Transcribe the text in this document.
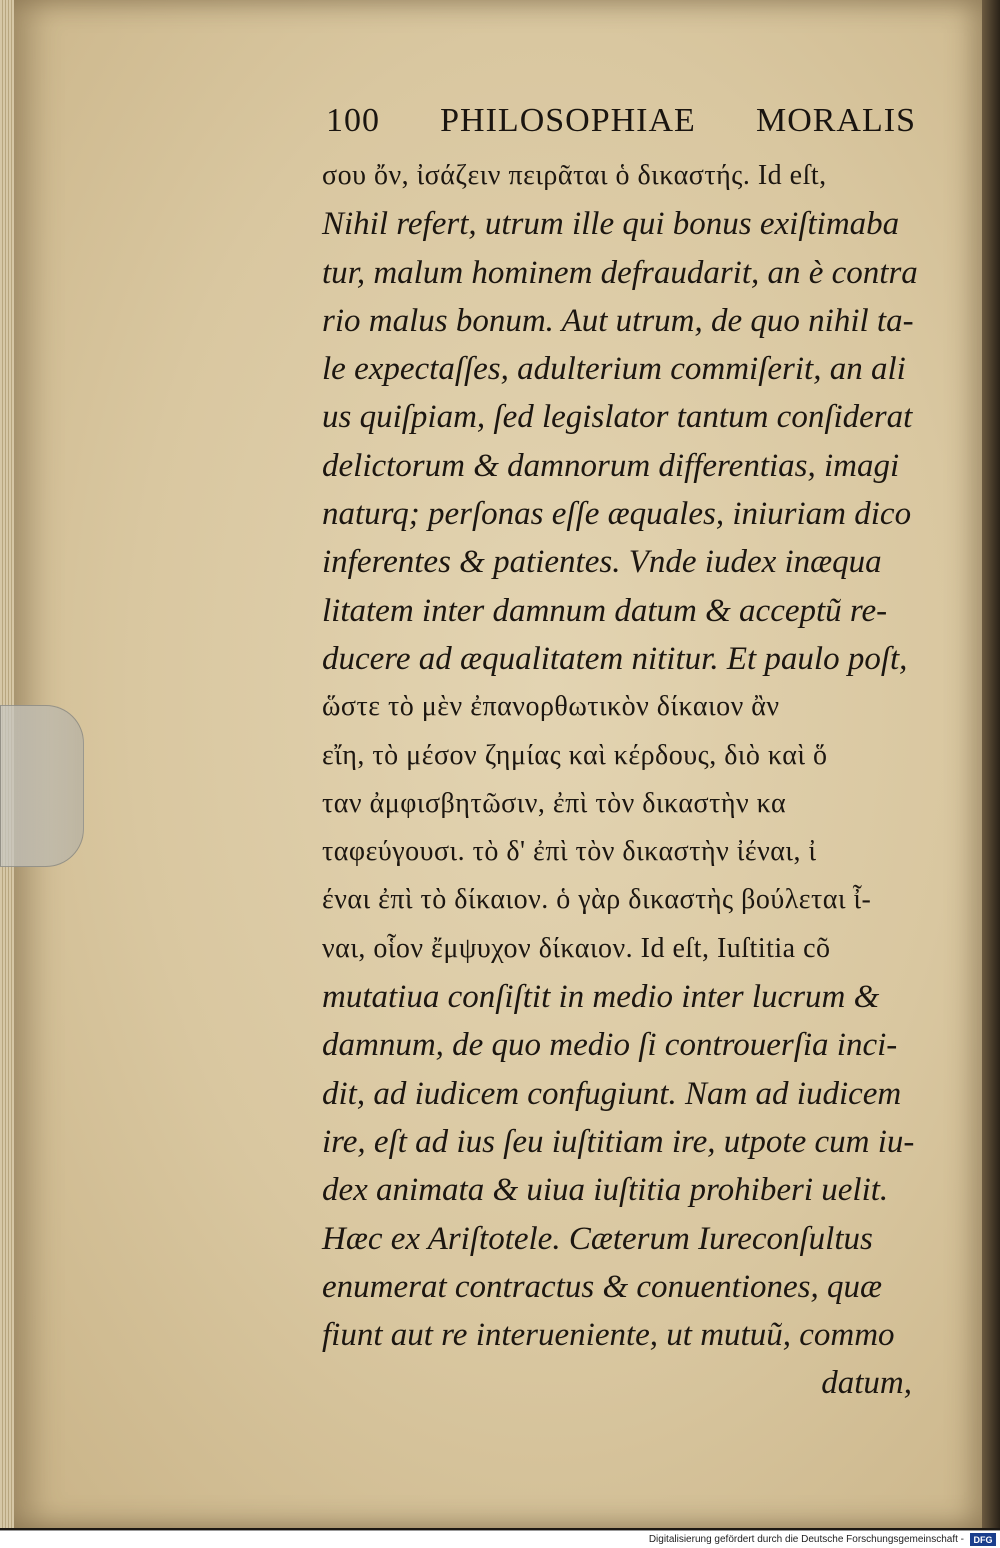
100 PHILOSOPHIAE MORALIS
σου ὄν, ἰσάζειν πειρᾶται ὁ δικαστής. Id eſt,
Nihil refert, utrum ille qui bonus exiſtimaba
tur, malum hominem defraudarit, an è contra
rio malus bonum. Aut utrum, de quo nihil ta-
le expectaſſes, adulterium commiſerit, an ali
us quiſpiam, ſed legislator tantum conſiderat
delictorum & damnorum differentias, imagi
naturq; perſonas eſſe æquales, iniuriam dico
inferentes & patientes. Vnde iudex inæqua
litatem inter damnum datum & acceptũ re-
ducere ad æqualitatem nititur. Et paulo poſt,
ὥστε τὸ μὲν ἐπανορθωτικὸν δίκαιον ἂν
εἴη, τὸ μέσον ζημίας καὶ κέρδους, διὸ καὶ ὅ
ταν ἀμφισβητῶσιν, ἐπὶ τὸν δικαστὴν κα
ταφεύγουσι. τὸ δ' ἐπὶ τὸν δικαστὴν ἰέναι, ἰ
έναι ἐπὶ τὸ δίκαιον. ὁ γὰρ δικαστὴς βούλεται ἶ-
ναι, οἷον ἔμψυχον δίκαιον. Id eſt, Iuſtitia cõ
mutatiua conſiſtit in medio inter lucrum &
damnum, de quo medio ſi controuerſia inci-
dit, ad iudicem confugiunt. Nam ad iudicem
ire, eſt ad ius ſeu iuſtitiam ire, utpote cum iu-
dex animata & uiua iuſtitia prohiberi uelit.
Hæc ex Ariſtotele. Cæterum Iureconſultus
enumerat contractus & conuentiones, quæ
fiunt aut re interueniente, ut mutuũ, commo
datum,
Digitalisierung gefördert durch die Deutsche Forschungsgemeinschaft -	DFG
